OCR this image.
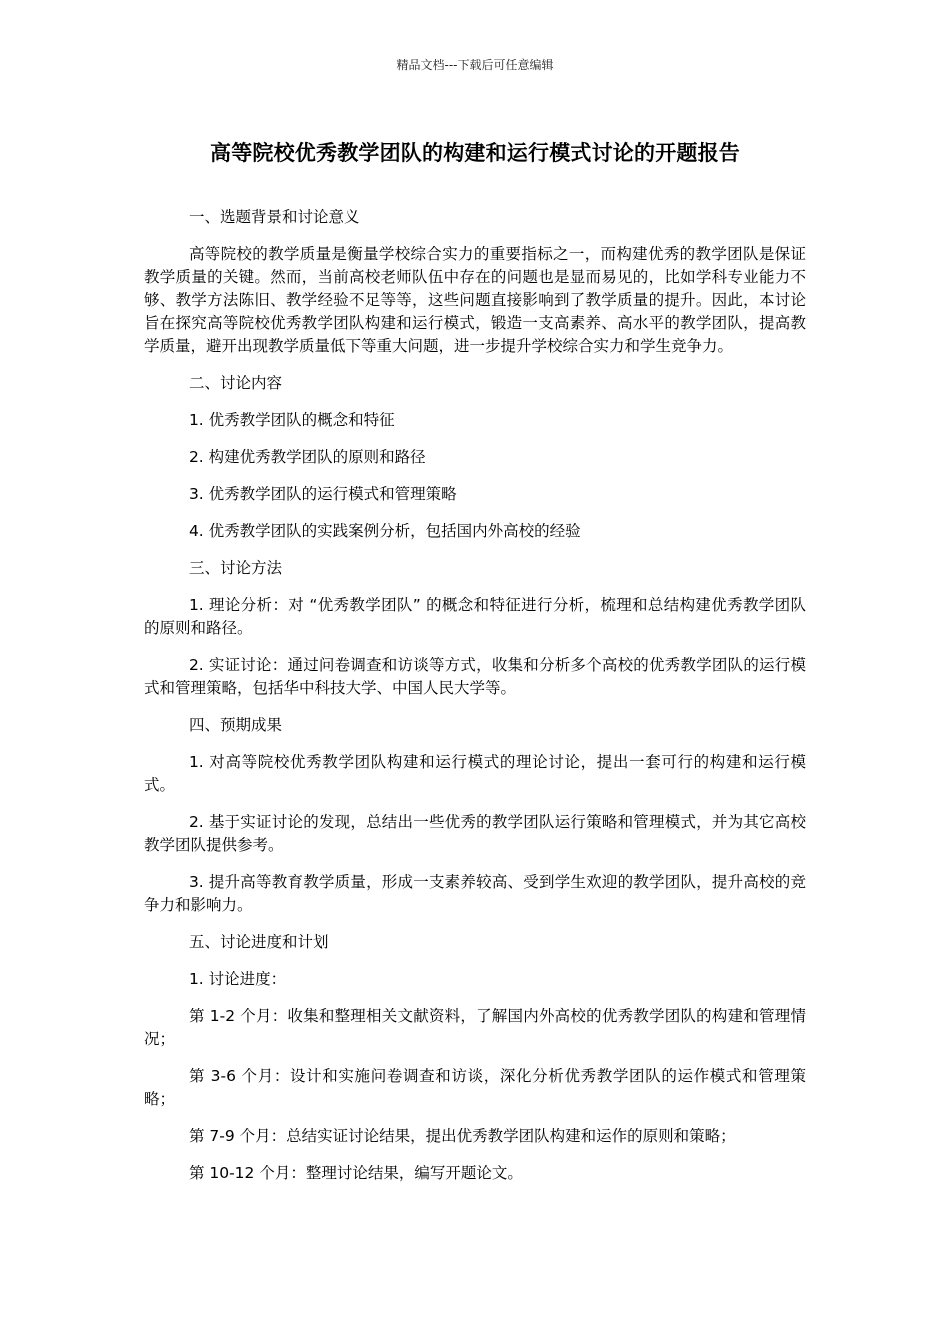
精品文档---下载后可任意编辑
高等院校优秀教学团队的构建和运行模式讨论的开题报告

一、选题背景和讨论意义

高等院校的教学质量是衡量学校综合实力的重要指标之一，而构建优秀的教学团队是保证教学质量的关键。然而，当前高校老师队伍中存在的问题也是显而易见的，比如学科专业能力不够、教学方法陈旧、教学经验不足等等，这些问题直接影响到了教学质量的提升。因此，本讨论旨在探究高等院校优秀教学团队构建和运行模式，锻造一支高素养、高水平的教学团队，提高教学质量，避开出现教学质量低下等重大问题，进一步提升学校综合实力和学生竞争力。

二、讨论内容

1. 优秀教学团队的概念和特征

2. 构建优秀教学团队的原则和路径

3. 优秀教学团队的运行模式和管理策略

4. 优秀教学团队的实践案例分析，包括国内外高校的经验

三、讨论方法

1. 理论分析：对 “优秀教学团队” 的概念和特征进行分析，梳理和总结构建优秀教学团队的原则和路径。

2. 实证讨论：通过问卷调查和访谈等方式，收集和分析多个高校的优秀教学团队的运行模式和管理策略，包括华中科技大学、中国人民大学等。

四、预期成果

1. 对高等院校优秀教学团队构建和运行模式的理论讨论，提出一套可行的构建和运行模式。

2. 基于实证讨论的发现，总结出一些优秀的教学团队运行策略和管理模式，并为其它高校教学团队提供参考。

3. 提升高等教育教学质量，形成一支素养较高、受到学生欢迎的教学团队，提升高校的竞争力和影响力。

五、讨论进度和计划

1. 讨论进度：

第 1-2 个月：收集和整理相关文献资料，了解国内外高校的优秀教学团队的构建和管理情况；

第 3-6 个月：设计和实施问卷调查和访谈，深化分析优秀教学团队的运作模式和管理策略；

第 7-9 个月：总结实证讨论结果，提出优秀教学团队构建和运作的原则和策略；

第 10-12 个月：整理讨论结果，编写开题论文。
